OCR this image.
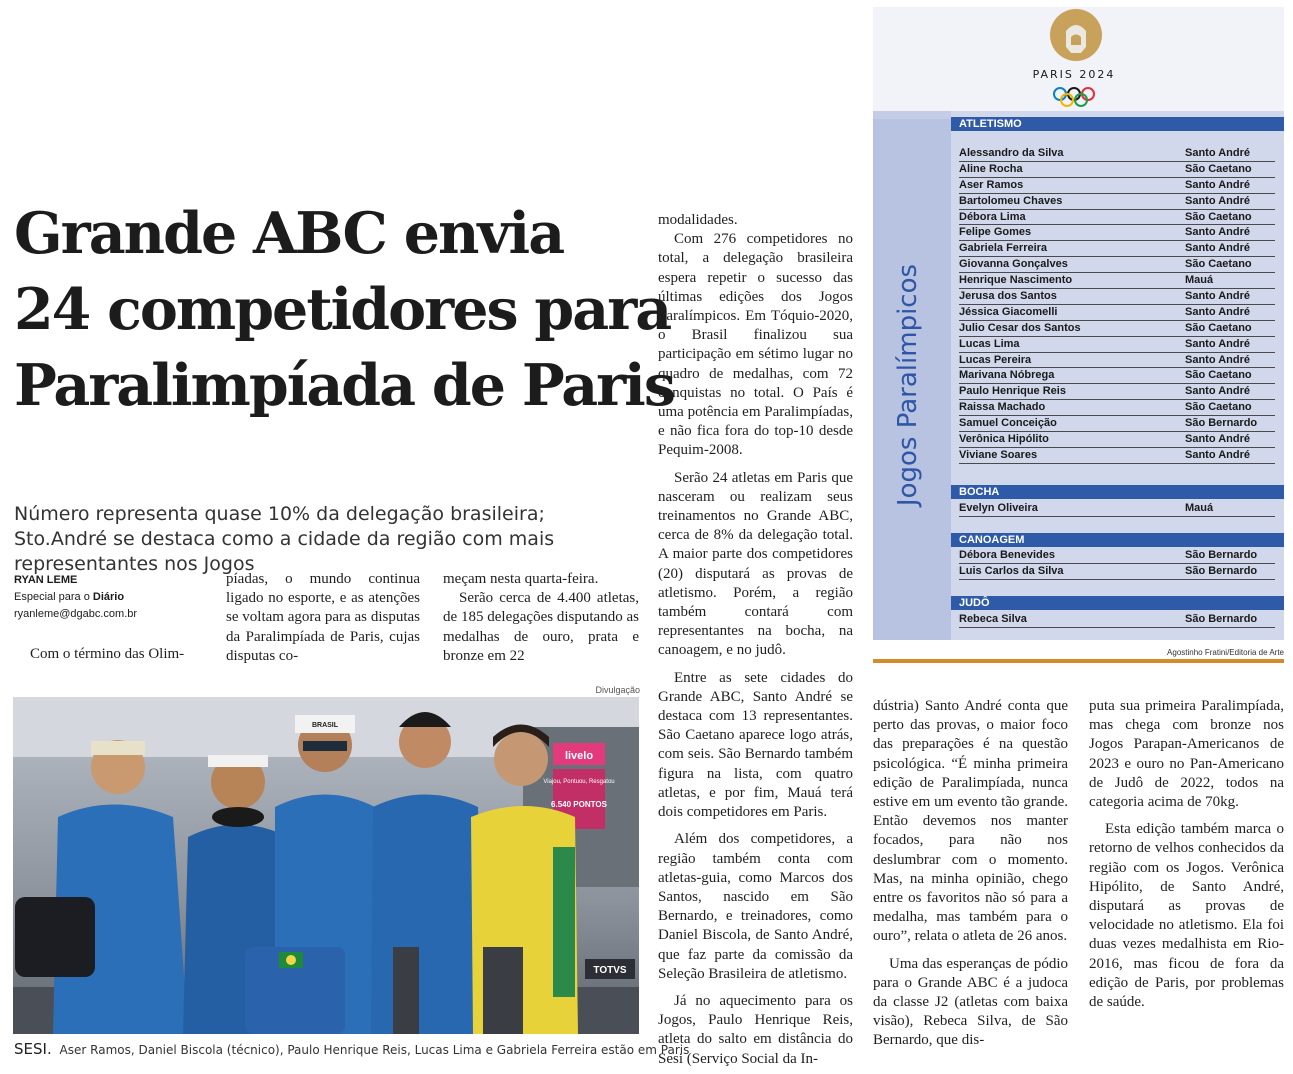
Grande ABC envia
24 competidores para
Paralimpíada de Paris

Número representa quase 10% da delegação brasileira; Sto.André se destaca como a cidade da região com mais representantes nos Jogos

RYAN LEME
Especial para o Diário
ryanleme@dgabc.com.br

Com o término das Olim-

píadas, o mundo continua ligado no esporte, e as atenções se voltam agora para as disputas da Paralimpíada de Paris, cujas disputas co-

meçam nesta quarta-feira.

Serão cerca de 4.400 atletas, de 185 delegações disputando as medalhas de ouro, prata e bronze em 22

modalidades.

Com 276 competidores no total, a delegação brasileira espera repetir o sucesso das últimas edições dos Jogos Paralímpicos. Em Tóquio-2020, o Brasil finalizou sua participação em sétimo lugar no quadro de medalhas, com 72 conquistas no total. O País é uma potência em Paralimpíadas, e não fica fora do top-10 desde Pequim-2008.

Serão 24 atletas em Paris que nasceram ou realizam seus treinamentos no Grande ABC, cerca de 8% da delegação total. A maior parte dos competidores (20) disputará as provas de atletismo. Porém, a região também contará com representantes na bocha, na canoagem, e no judô.

Entre as sete cidades do Grande ABC, Santo André se destaca com 13 representantes. São Caetano aparece logo atrás, com seis. São Bernardo também figura na lista, com quatro atletas, e por fim, Mauá terá dois competidores em Paris.

Além dos competidores, a região também conta com atletas-guia, como Marcos dos Santos, nascido em São Bernardo, e treinadores, como Daniel Biscola, de Santo André, que faz parte da comissão da Seleção Brasileira de atletismo.

Já no aquecimento para os Jogos, Paulo Henrique Reis, atleta do salto em distância do Sesi (Serviço Social da In-

dústria) Santo André conta que perto das provas, o maior foco das preparações é na questão psicológica. “É minha primeira edição de Paralimpíada, nunca estive em um evento tão grande. Então devemos nos manter focados, para não nos deslumbrar com o momento. Mas, na minha opinião, chego entre os favoritos não só para a medalha, mas também para o ouro”, relata o atleta de 26 anos.

Uma das esperanças de pódio para o Grande ABC é a judoca da classe J2 (atletas com baixa visão), Rebeca Silva, de São Bernardo, que dis-

puta sua primeira Paralimpíada, mas chega com bronze nos Jogos Parapan-Americanos de 2023 e ouro no Pan-Americano de Judô de 2022, todos na categoria acima de 70kg.

Esta edição também marca o retorno de velhos conhecidos da região com os Jogos. Verônica Hipólito, de Santo André, disputará as provas de velocidade no atletismo. Ela foi duas vezes medalhista em Rio-2016, mas ficou de fora da edição de Paris, por problemas de saúde.

Divulgação
livelo
Viajou, Pontuou, Resgatou
6.540 PONTOS
TOTVS
BRASIL
SESI. Aser Ramos, Daniel Biscola (técnico), Paulo Henrique Reis, Lucas Lima e Gabriela Ferreira estão em Paris
PARIS 2024
Jogos Paralímpicos
ATLETISMO
Alessandro da Silva	Santo André
Aline Rocha	São Caetano
Aser Ramos	Santo André
Bartolomeu Chaves	Santo André
Débora Lima	São Caetano
Felipe Gomes	Santo André
Gabriela Ferreira	Santo André
Giovanna Gonçalves	São Caetano
Henrique Nascimento	Mauá
Jerusa dos Santos	Santo André
Jéssica Giacomelli	Santo André
Julio Cesar dos Santos	São Caetano
Lucas Lima	Santo André
Lucas Pereira	Santo André
Marivana Nóbrega	São Caetano
Paulo Henrique Reis	Santo André
Raissa Machado	São Caetano
Samuel Conceição	São Bernardo
Verônica Hipólito	Santo André
Viviane Soares	Santo André
BOCHA
Evelyn Oliveira	Mauá
CANOAGEM
Débora Benevides	São Bernardo
Luis Carlos da Silva	São Bernardo
JUDÔ
Rebeca Silva	São Bernardo
Agostinho Fratini/Editoria de Arte
